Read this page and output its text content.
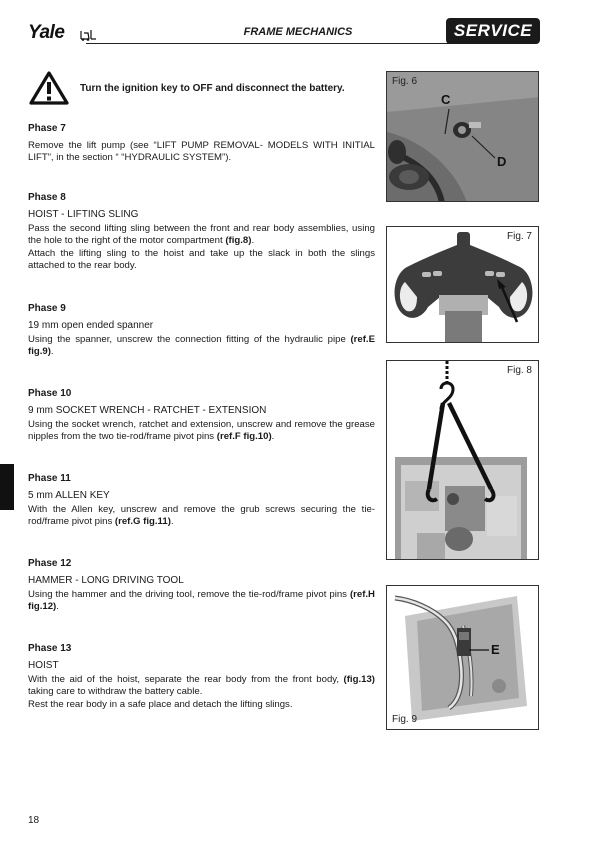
Yale	FRAME MECHANICS	SERVICE
Turn the ignition key to OFF and disconnect the battery.
Phase 7
Remove the lift pump (see “LIFT PUMP REMOVAL- MODELS WITH INITIAL LIFT”, in the section “ “HYDRAULIC SYSTEM”).
Phase 8
HOIST - LIFTING SLING
Pass the second lifting sling between the front and rear body assemblies, using the hole to the right of the motor compartment (fig.8).
Attach the lifting sling to the hoist and take up the slack in both the slings attached to the rear body.
Phase 9
19 mm open ended spanner
Using the spanner, unscrew the connection fitting of the hydraulic pipe (ref.E fig.9).
Phase 10
9 mm SOCKET WRENCH - RATCHET - EXTENSION
Using the socket wrench, ratchet and extension, unscrew and remove the grease nipples from the two tie-rod/frame pivot pins (ref.F fig.10).
Phase 11
5 mm ALLEN KEY
With the Allen key, unscrew and remove the grub screws securing the tie-rod/frame pivot pins (ref.G fig.11).
Phase 12
HAMMER - LONG DRIVING TOOL
Using the hammer and the driving tool, remove the tie-rod/frame pivot pins (ref.H fig.12).
Phase 13
HOIST
With the aid of the hoist, separate the rear body from the front body, (fig.13) taking care to withdraw the battery cable.
Rest the rear body in a safe place and detach the lifting slings.
Fig. 6
C
D
Fig. 7
Fig. 8
E
Fig. 9
18
